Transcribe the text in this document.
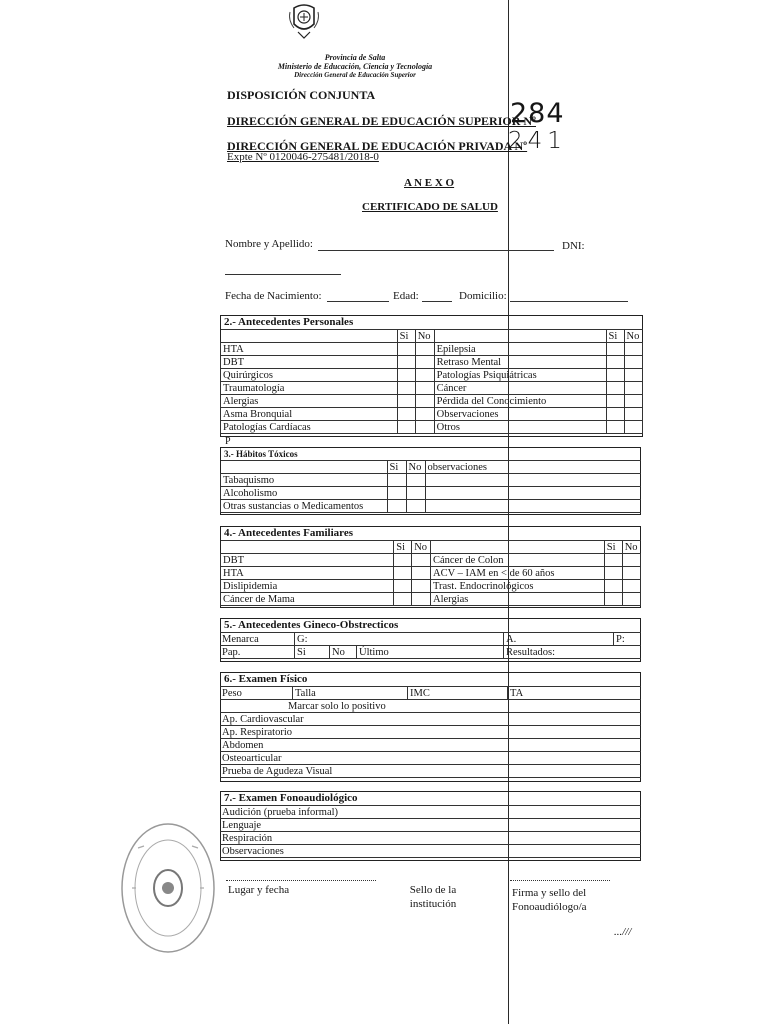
Provincia de Salta
Ministerio de Educación, Ciencia y Tecnología
Dirección General de Educación Superior
DISPOSICIÓN CONJUNTA
DIRECCIÓN GENERAL DE EDUCACIÓN SUPERIOR Nº
284
DIRECCIÓN GENERAL DE EDUCACIÓN PRIVADA Nº
241
Expte Nº 0120046-275481/2018-0
A N E X O
CERTIFICADO DE SALUD
Nombre y Apellido:	DNI:
Fecha de Nacimiento:	Edad:	Domicilio:
2.- Antecedentes Personales
	Si	No		Si	No
HTA			Epilepsia		
DBT			Retraso Mental		
Quirúrgicos			Patologías Psiquiátricas		
Traumatología			Cáncer		
Alergias			Pérdida del Conocimiento		
Asma Bronquial			Observaciones		
Patologías Cardíacas			Otros		
P
3.- Hábitos Tóxicos
	Si	No	observaciones
Tabaquismo			
Alcoholismo			
Otras sustancias o Medicamentos			
4.- Antecedentes Familiares
	Si	No		Si	No
DBT			Cáncer de Colon		
HTA			ACV – IAM en < de 60 años		
Dislipidemia			Trast. Endocrinológicos		
Cáncer de Mama			Alergias		
5.- Antecedentes Gineco-Obstrecticos
Menarca	G:			A.	P:
Pap.	Si	No	Último	Resultados:	
6.- Examen Físico
Peso	Talla	IMC	TA
Marcar solo lo positivo
Ap. Cardiovascular
Ap. Respiratorio
Abdomen
Osteoarticular
Prueba de Agudeza Visual
7.- Examen Fonoaudiológico
Audición (prueba informal)
Lenguaje
Respiración
Observaciones
Lugar y fecha	Sello de la
institución
Firma y sello del
Fonoaudiólogo/a
...///
